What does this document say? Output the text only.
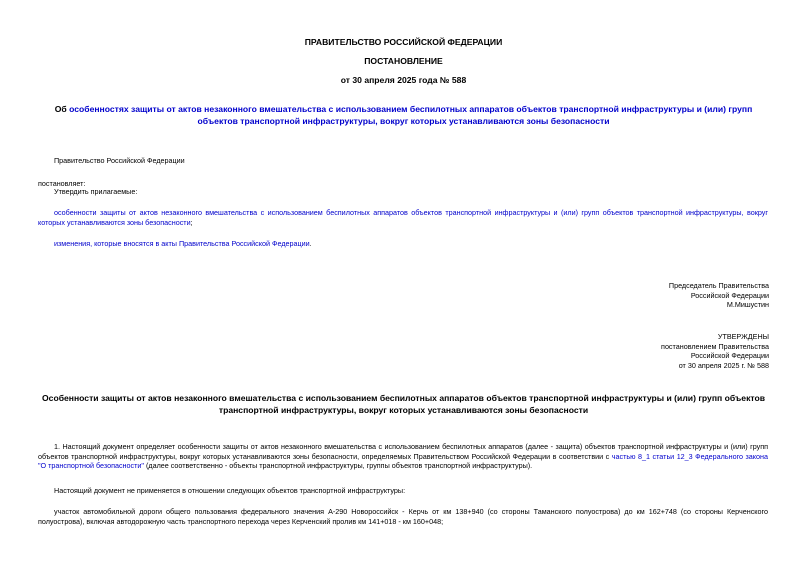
ПРАВИТЕЛЬСТВО РОССИЙСКОЙ ФЕДЕРАЦИИ
ПОСТАНОВЛЕНИЕ
от 30 апреля 2025 года № 588
Об особенностях защиты от актов незаконного вмешательства с использованием беспилотных аппаратов объектов транспортной инфраструктуры и (или) групп объектов транспортной инфраструктуры, вокруг которых устанавливаются зоны безопасности
Правительство Российской Федерации
постановляет:
Утвердить прилагаемые:
особенности защиты от актов незаконного вмешательства с использованием беспилотных аппаратов объектов транспортной инфраструктуры и (или) групп объектов транспортной инфраструктуры, вокруг которых устанавливаются зоны безопасности;
изменения, которые вносятся в акты Правительства Российской Федерации.

Председатель Правительства

Российской Федерации

М.Мишустин

УТВЕРЖДЕНЫ

постановлением Правительства

Российской Федерации

от 30 апреля 2025 г. № 588

Особенности защиты от актов незаконного вмешательства с использованием беспилотных аппаратов объектов транспортной инфраструктуры и (или) групп объектов транспортной инфраструктуры, вокруг которых устанавливаются зоны безопасности
1. Настоящий документ определяет особенности защиты от актов незаконного вмешательства с использованием беспилотных аппаратов (далее - защита) объектов транспортной инфраструктуры и (или) групп объектов транспортной инфраструктуры, вокруг которых устанавливаются зоны безопасности, определяемых Правительством Российской Федерации в соответствии с частью 8_1 статьи 12_3 Федерального закона "О транспортной безопасности" (далее соответственно - объекты транспортной инфраструктуры, группы объектов транспортной инфраструктуры).
Настоящий документ не применяется в отношении следующих объектов транспортной инфраструктуры:
участок автомобильной дороги общего пользования федерального значения А-290 Новороссийск - Керчь от км 138+940 (со стороны Таманского полуострова) до км 162+748 (со стороны Керченского полуострова), включая автодорожную часть транспортного перехода через Керченский пролив км 141+018 - км 160+048;
